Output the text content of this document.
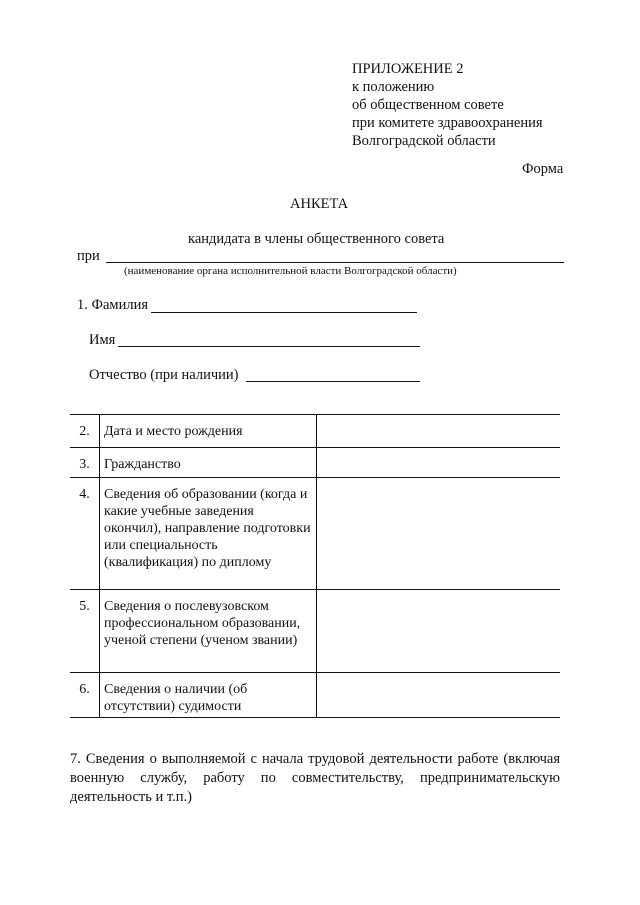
ПРИЛОЖЕНИЕ 2
к положению
об общественном совете
при комитете здравоохранения
Волгоградской области
Форма
АНКЕТА
кандидата в члены общественного совета
при
(наименование органа исполнительной власти Волгоградской области)
1. Фамилия
Имя
Отчество (при наличии)
2.	Дата и место рождения	
3.	Гражданство	
4.	Сведения об образовании (когда и какие учебные заведения окончил), направление подготовки или специальность (квалификация) по диплому	
5.	Сведения о послевузовском профессиональном образовании, ученой степени (ученом звании)	
6.	Сведения о наличии (об отсутствии) судимости	
7. Сведения о выполняемой с начала трудовой деятельности работе (включая военную службу, работу по совместительству, предпринимательскую деятельность и т.п.)
